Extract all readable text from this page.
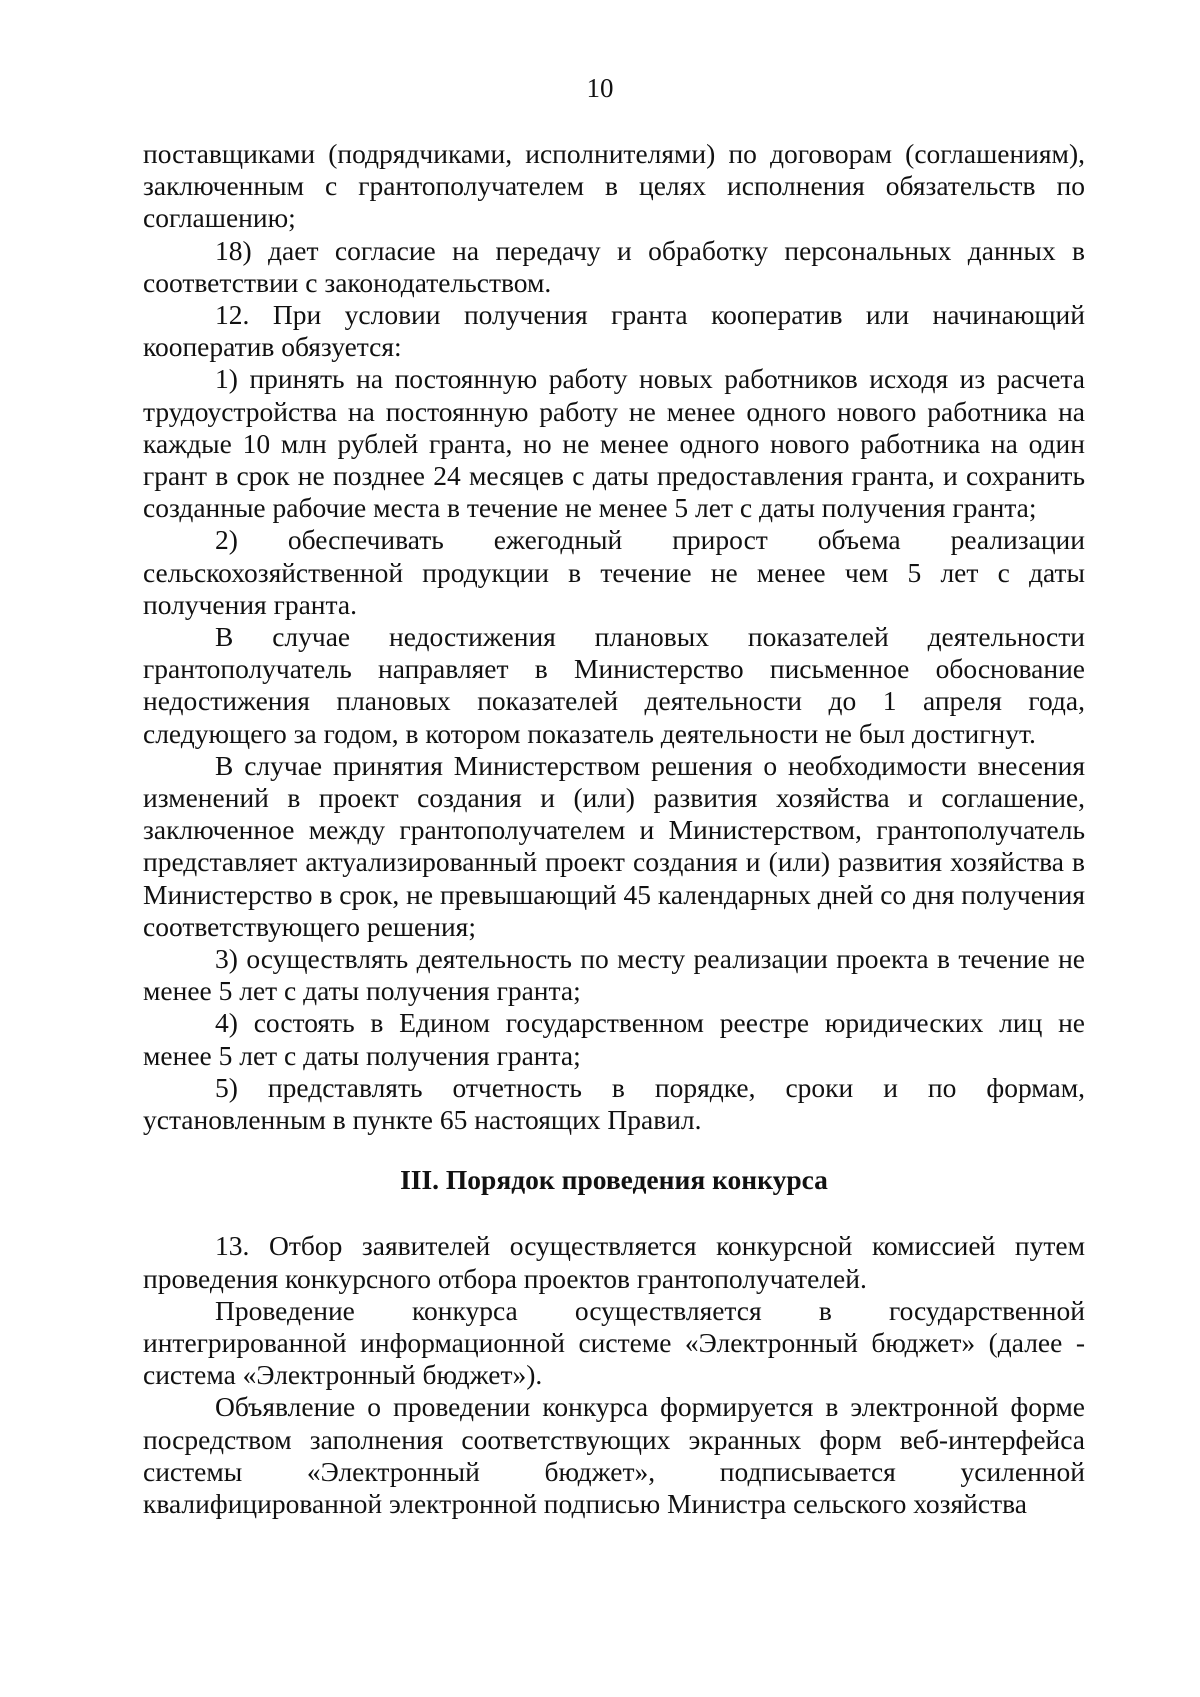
10

поставщиками (подрядчиками, исполнителями) по договорам (соглашениям), заключенным с грантополучателем в целях исполнения обязательств по соглашению;

18) дает согласие на передачу и обработку персональных данных в соответствии с законодательством.

12. При условии получения гранта кооператив или начинающий кооператив обязуется:

1) принять на постоянную работу новых работников исходя из расчета трудоустройства на постоянную работу не менее одного нового работника на каждые 10 млн рублей гранта, но не менее одного нового работника на один грант в срок не позднее 24 месяцев с даты предоставления гранта, и сохранить созданные рабочие места в течение не менее 5 лет с даты получения гранта;

2) обеспечивать ежегодный прирост объема реализации сельскохозяйственной продукции в течение не менее чем 5 лет с даты получения гранта.

В случае недостижения плановых показателей деятельности грантополучатель направляет в Министерство письменное обоснование недостижения плановых показателей деятельности до 1 апреля года, следующего за годом, в котором показатель деятельности не был достигнут.

В случае принятия Министерством решения о необходимости внесения изменений в проект создания и (или) развития хозяйства и соглашение, заключенное между грантополучателем и Министерством, грантополучатель представляет актуализированный проект создания и (или) развития хозяйства в Министерство в срок, не превышающий 45 календарных дней со дня получения соответствующего решения;

3) осуществлять деятельность по месту реализации проекта в течение не менее 5 лет с даты получения гранта;

4) состоять в Едином государственном реестре юридических лиц не менее 5 лет с даты получения гранта;

5) представлять отчетность в порядке, сроки и по формам, установленным в пункте 65 настоящих Правил.

III. Порядок проведения конкурса

13. Отбор заявителей осуществляется конкурсной комиссией путем проведения конкурсного отбора проектов грантополучателей.

Проведение конкурса осуществляется в государственной интегрированной информационной системе «Электронный бюджет» (далее - система «Электронный бюджет»).

Объявление о проведении конкурса формируется в электронной форме посредством заполнения соответствующих экранных форм веб-интерфейса системы «Электронный бюджет», подписывается усиленной квалифицированной электронной подписью Министра сельского хозяйства
